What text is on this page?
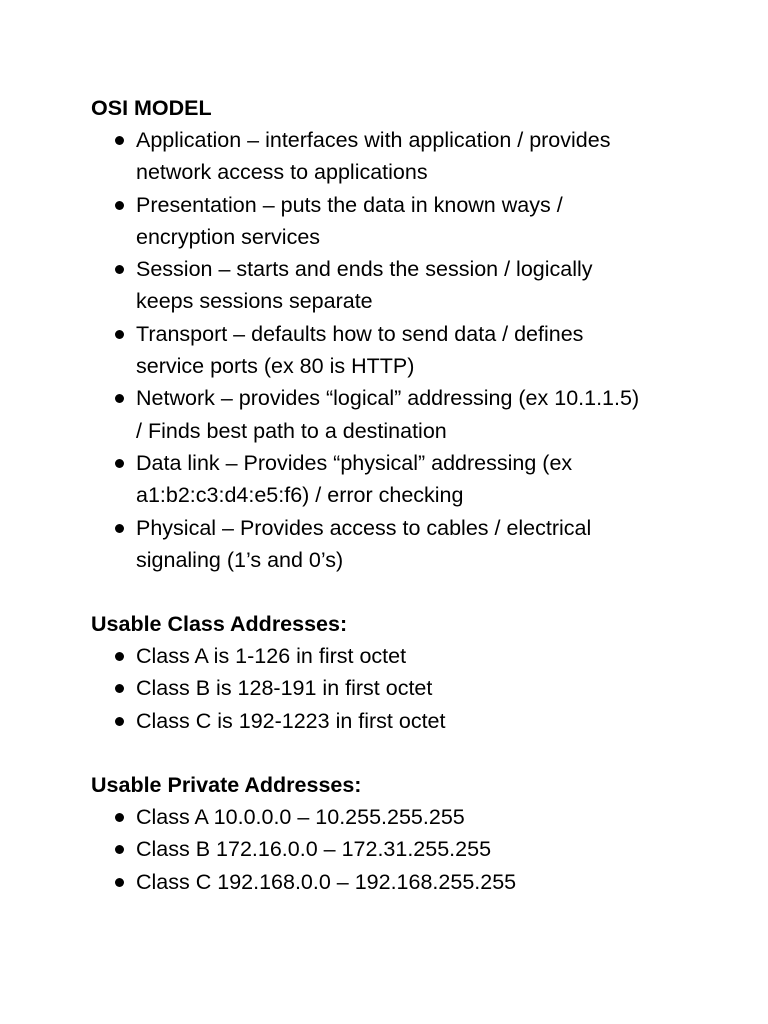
OSI MODEL
Application – interfaces with application / provides
network access to applications
Presentation – puts the data in known ways /
encryption services
Session – starts and ends the session / logically
keeps sessions separate
Transport – defaults how to send data / defines
service ports (ex 80 is HTTP)
Network – provides “logical” addressing (ex 10.1.1.5)
/ Finds best path to a destination
Data link – Provides “physical” addressing (ex
a1:b2:c3:d4:e5:f6) / error checking
Physical – Provides access to cables / electrical
signaling (1’s and 0’s)
Usable Class Addresses:
Class A is 1-126 in first octet
Class B is 128-191 in first octet
Class C is 192-1223 in first octet
Usable Private Addresses:
Class A 10.0.0.0 – 10.255.255.255
Class B 172.16.0.0 – 172.31.255.255
Class C 192.168.0.0 – 192.168.255.255
